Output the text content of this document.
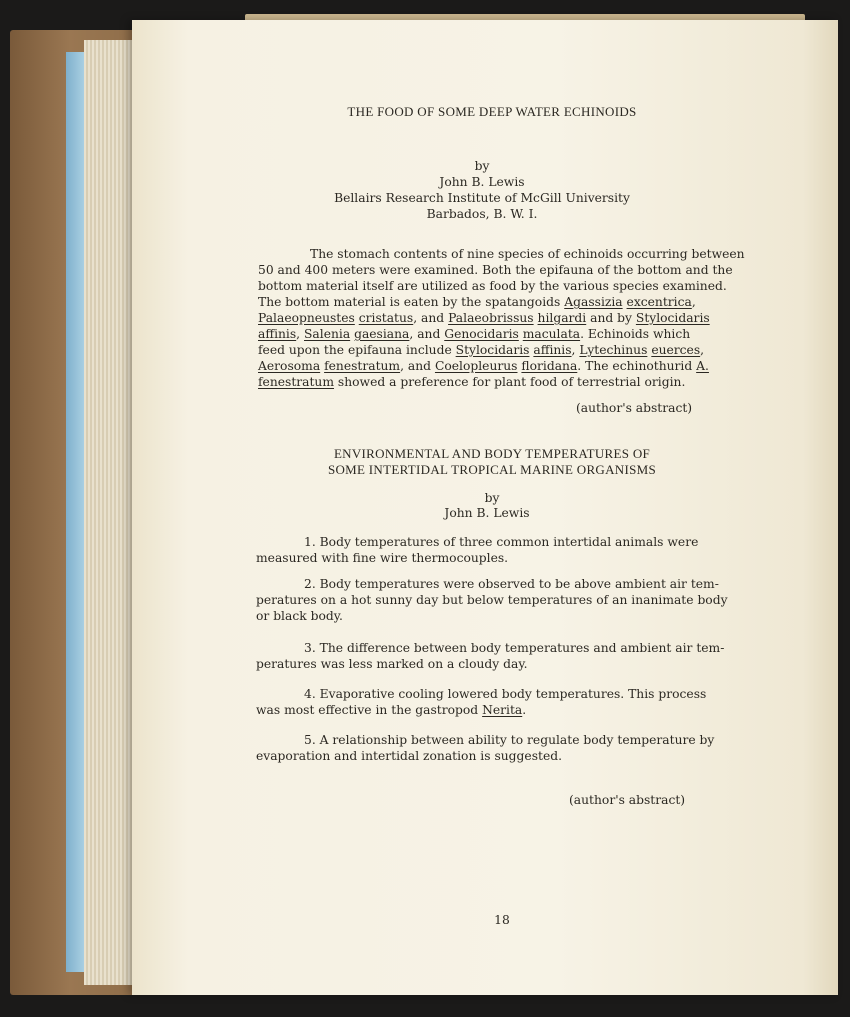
THE FOOD OF SOME DEEP WATER ECHINOIDS
by
John B. Lewis
Bellairs Research Institute of McGill University
Barbados, B. W. I.
The stomach contents of nine species of echinoids occurring between
50 and 400 meters were examined. Both the epifauna of the bottom and the
bottom material itself are utilized as food by the various species examined.
The bottom material is eaten by the spatangoids Agassizia excentrica,
Palaeopneustes cristatus, and Palaeobrissus hilgardi and by Stylocidaris
affinis, Salenia gaesiana, and Genocidaris maculata. Echinoids which
feed upon the epifauna include Stylocidaris affinis, Lytechinus euerces,
Aerosoma fenestratum, and Coelopleurus floridana. The echinothurid A.
fenestratum showed a preference for plant food of terrestrial origin.
(author's abstract)
ENVIRONMENTAL AND BODY TEMPERATURES OF
SOME INTERTIDAL TROPICAL MARINE ORGANISMS
by
John B. Lewis
1. Body temperatures of three common intertidal animals were
measured with fine wire thermocouples.
2. Body temperatures were observed to be above ambient air tem-
peratures on a hot sunny day but below temperatures of an inanimate body
or black body.
3. The difference between body temperatures and ambient air tem-
peratures was less marked on a cloudy day.
4. Evaporative cooling lowered body temperatures. This process
was most effective in the gastropod Nerita.
5. A relationship between ability to regulate body temperature by
evaporation and intertidal zonation is suggested.
(author's abstract)
18
